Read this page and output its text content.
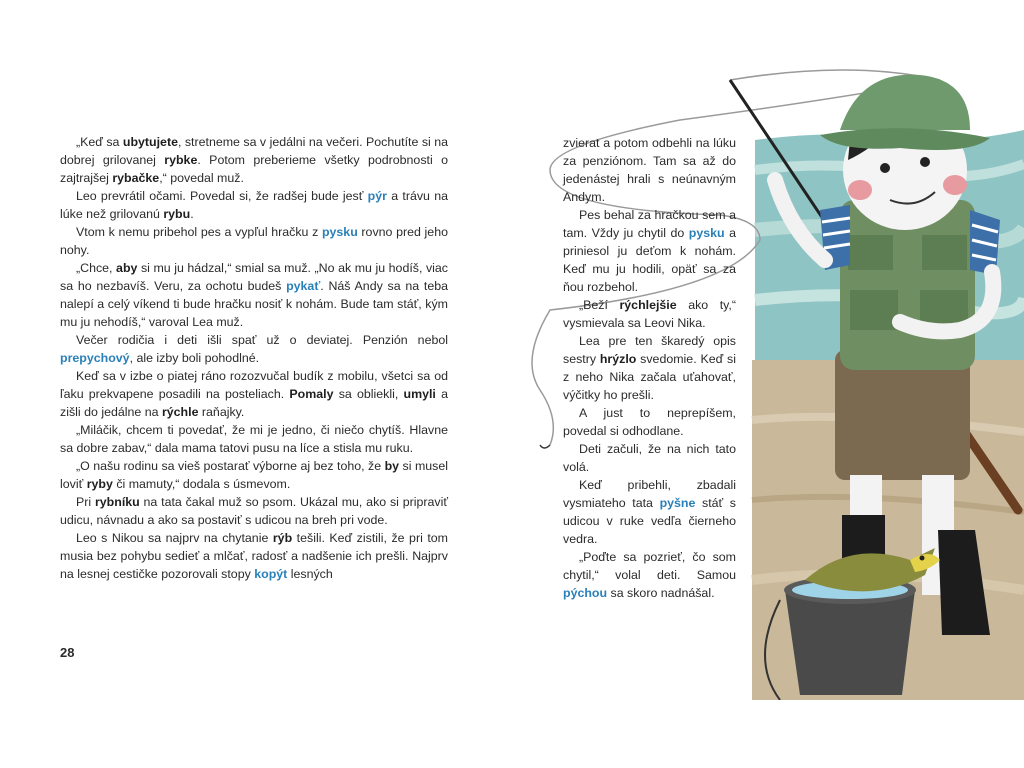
„Keď sa ubytujete, stretneme sa v jedálni na večeri. Pochutíte si na dobrej grilovanej rybke. Potom preberieme všetky podrobnosti o zajtrajšej rybačke,“ povedal muž.

Leo prevrátil očami. Povedal si, že radšej bude jesť pýr a trávu na lúke než grilovanú rybu.

Vtom k nemu pribehol pes a vypľul hračku z pysku rovno pred jeho nohy.

„Chce, aby si mu ju hádzal,“ smial sa muž. „No ak mu ju hodíš, viac sa ho nezbavíš. Veru, za ochotu budeš pykať. Náš Andy sa na teba nalepí a celý víkend ti bude hračku nosiť k nohám. Bude tam stáť, kým mu ju nehodíš,“ varoval Lea muž.

Večer rodičia i deti išli spať už o deviatej. Penzión nebol prepychový, ale izby boli pohodlné.

Keď sa v izbe o piatej ráno rozozvučal budík z mobilu, všetci sa od ľaku prekvapene posadili na posteliach. Pomaly sa obliekli, umyli a zišli do jedálne na rýchle raňajky.

„Miláčik, chcem ti povedať, že mi je jedno, či niečo chytíš. Hlavne sa dobre zabav,“ dala mama tatovi pusu na líce a stisla mu ruku.

„O našu rodinu sa vieš postarať výborne aj bez toho, že by si musel loviť ryby či mamuty,“ dodala s úsmevom.

Pri rybníku na tata čakal muž so psom. Ukázal mu, ako si pripraviť udicu, návnadu a ako sa postaviť s udicou na breh pri vode.

Leo s Nikou sa najprv na chytanie rýb tešili. Keď zistili, že pri tom musia bez pohybu sedieť a mlčať, radosť a nadšenie ich prešli. Najprv na lesnej cestičke pozorovali stopy kopýt lesných

zvierat a potom odbehli na lúku za penziónom. Tam sa až do jedenástej hrali s neúnavným Andym.

Pes behal za hračkou sem a tam. Vždy ju chytil do pysku a priniesol ju deťom k nohám. Keď mu ju hodili, opäť sa za ňou rozbehol.

„Beží rýchlejšie ako ty,“ vysmievala sa Leovi Nika.

Lea pre ten škaredý opis sestry hrýzlo svedomie. Keď si z neho Nika začala uťahovať, výčitky ho prešli.

A just to neprepíšem, povedal si odhodlane.

Deti začuli, že na nich tato volá.

Keď pribehli, zbadali vysmiateho tata pyšne stáť s udicou v ruke vedľa čierneho vedra.

„Poďte sa pozrieť, čo som chytil,“ volal deti. Samou pýchou sa skoro nadnášal.

28
